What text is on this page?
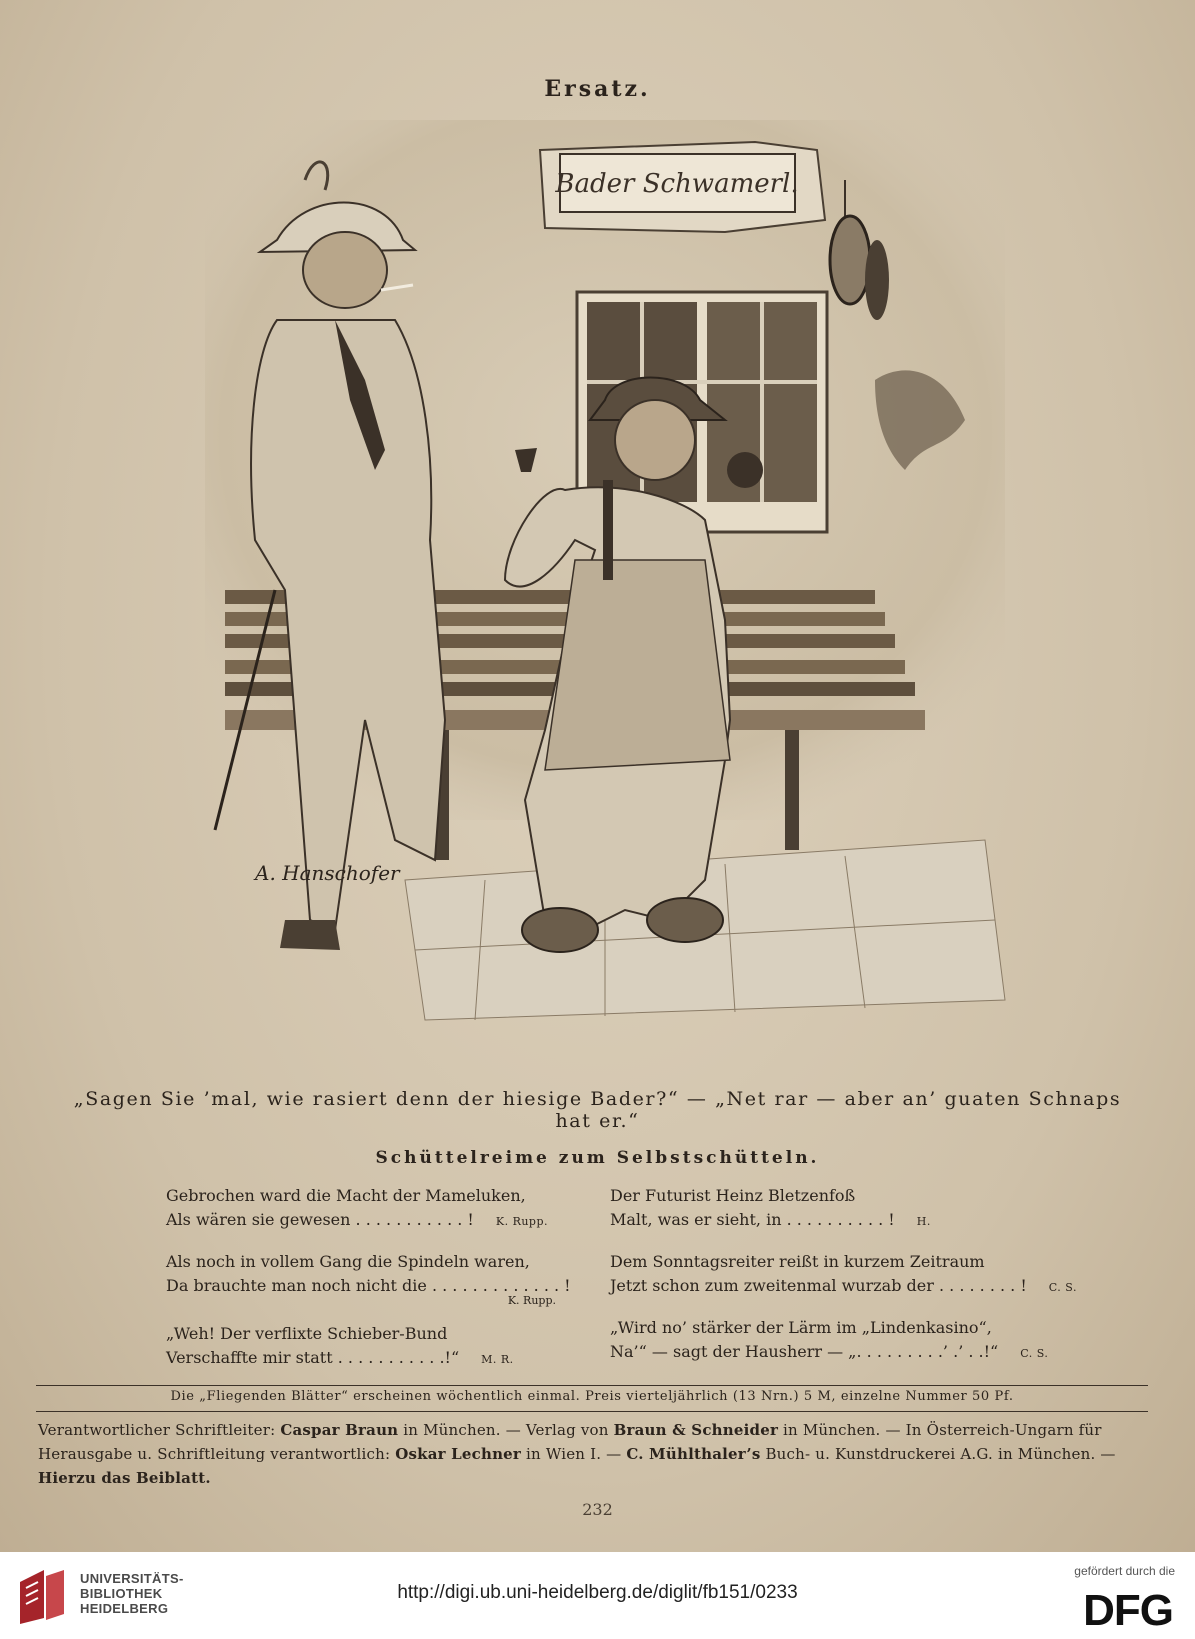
Ersatz.
Bader Schwamerl.
A. Hanschofer
„Sagen Sie ’mal, wie rasiert denn der hiesige Bader?“ — „Net rar — aber an’ guaten Schnaps hat er.“
Schüttelreime zum Selbstschütteln.
Gebrochen ward die Macht der Mameluken,
Als wären sie gewesen . . . . . . . . . . . ! K. Rupp.
Als noch in vollem Gang die Spindeln waren,
Da brauchte man noch nicht die . . . . . . . . . . . . . !
K. Rupp.
„Weh! Der verflixte Schieber-Bund
Verschaffte mir statt . . . . . . . . . . .!“ M. R.
Der Futurist Heinz Bletzenfoß
Malt, was er sieht, in . . . . . . . . . . ! H.
Dem Sonntagsreiter reißt in kurzem Zeitraum
Jetzt schon zum zweitenmal wurzab der . . . . . . . . ! C. S.
„Wird no’ stärker der Lärm im „Lindenkasino“,
Na’“ — sagt der Hausherr — „. . . . . . . . .’ .’ . .!“ C. S.
Die „Fliegenden Blätter“ erscheinen wöchentlich einmal. Preis vierteljährlich (13 Nrn.) 5 M, einzelne Nummer 50 Pf.
Verantwortlicher Schriftleiter: Caspar Braun in München. — Verlag von Braun & Schneider in München. — In Österreich-Ungarn für Herausgabe u. Schriftleitung verantwortlich: Oskar Lechner in Wien I. — C. Mühlthaler’s Buch- u. Kunstdruckerei A.G. in München. — Hierzu das Beiblatt.
232
UNIVERSITÄTS-
BIBLIOTHEK
HEIDELBERG
http://digi.ub.uni-heidelberg.de/diglit/fb151/0233
gefördert durch die
DFG
